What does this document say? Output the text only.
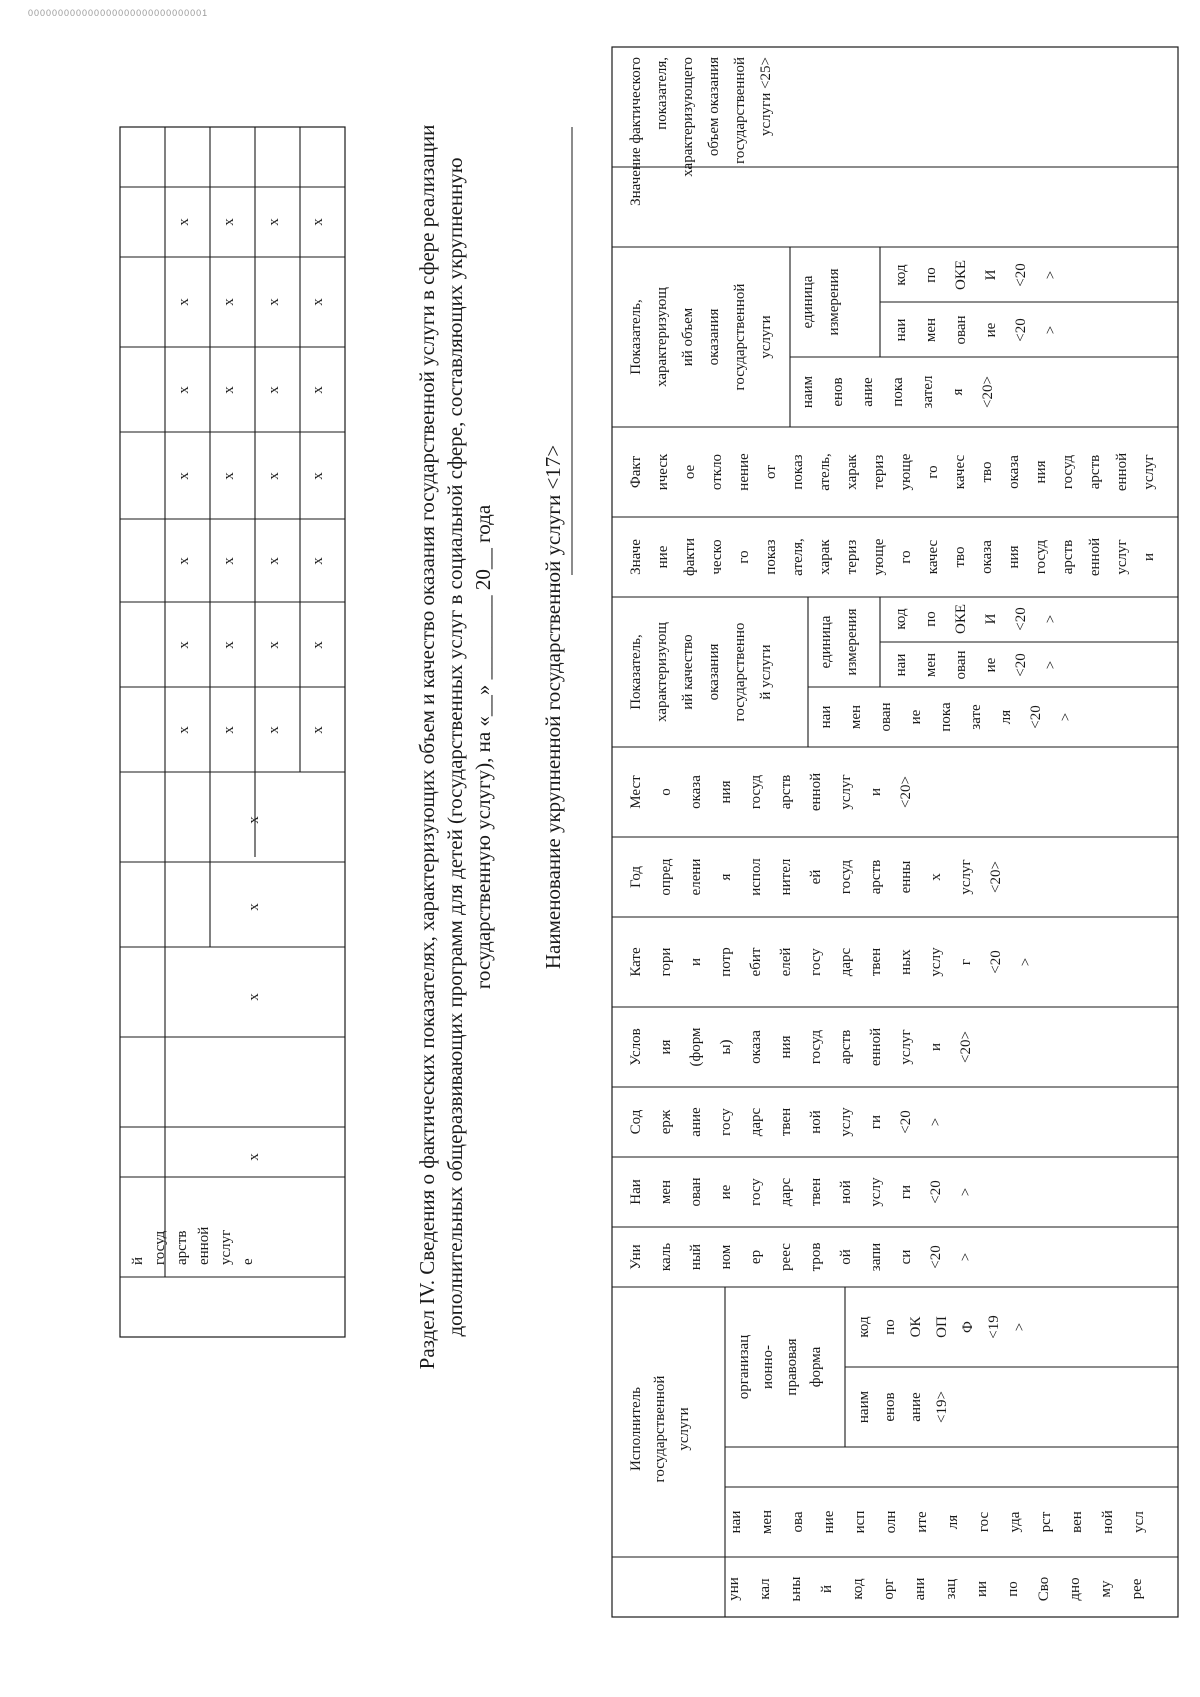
000000000000000000000000000001
й госуд арств енной услуг е
x
x
x
x
x x x x
x x x x
x x x x
x x x x
x x x x
x x x x
x x x x	Раздел IV. Сведения о фактических показателях, характеризующих объем и качество оказания государственной услуги в сфере реализации дополнительных общеразвивающих программ для детей (государственных услуг в социальной сфере, составляющих укрупненную государственную услугу), на «__» ________ 20__ года Наименование укрупненной государственной услуги <17>
Исполнитель государственной услуги
организац ионно- правовая форма
наим енов ание <19>
код по ОК ОП Ф <19 >
уни кал ьны й код орг ани зац ии по Сво дно му рее
наи мен ова ние исп олн ите ля гос уда рст вен ной усл
Уни каль ный ном ер реес тров ой запи си <20 >
Наи мен ован ие госу дарс твен ной услу ги <20 >
Сод ерж ание госу дарс твен ной услу ги <20 >
Услов ия (форм ы) оказа ния госуд арств енной услуг и <20>
Кате гори и потр ебит елей госу дарс твен ных услу г <20 >
Год опред елени я испол нител ей госуд арств енны х услуг <20>
Мест о оказа ния госуд арств енной услуг и <20>
Показатель, характеризующ ий качество оказания государственно й услуги
наи мен ован ие пока зате ля <20 >
единица измерения наи мен ован ие <20 >
код по ОКЕ И <20 >
Значе ние факти ческо го показ ателя, харак териз ующе го качес тво оказа ния госуд арств енной услуг и
Факт ическ ое откло нение от показ атель, харак териз ующе го качес тво оказа ния госуд арств енной услуг
Показатель, характеризующ ий объем оказания государственной услуги
наим енов ание пока зател я <20>
единица измерения	наи мен ован ие <20 >
код по ОКЕ И <20 >
Значение фактического показателя, характеризующего объем оказания государственной услуги <25>
